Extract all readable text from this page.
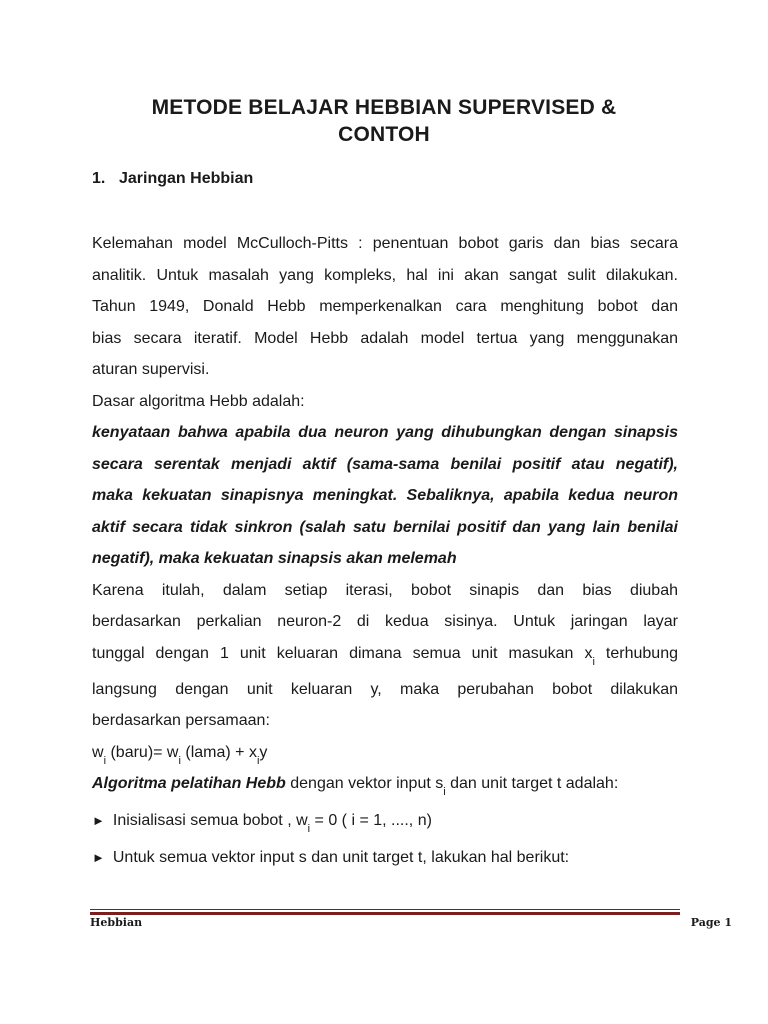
METODE BELAJAR HEBBIAN SUPERVISED &
CONTOH
1. Jaringan Hebbian
Kelemahan model McCulloch-Pitts : penentuan bobot garis dan bias secara
analitik. Untuk masalah yang kompleks, hal ini akan sangat sulit dilakukan.
Tahun 1949, Donald Hebb memperkenalkan cara menghitung bobot dan
bias secara iteratif. Model Hebb adalah model tertua yang menggunakan
aturan supervisi.
Dasar algoritma Hebb adalah:
kenyataan bahwa apabila dua neuron yang dihubungkan dengan sinapsis
secara serentak menjadi aktif (sama-sama benilai positif atau negatif),
maka kekuatan sinapisnya meningkat. Sebaliknya, apabila kedua neuron
aktif secara tidak sinkron (salah satu bernilai positif dan yang lain benilai
negatif), maka kekuatan sinapsis akan melemah
Karena itulah, dalam setiap iterasi, bobot sinapis dan bias diubah
berdasarkan perkalian neuron-2 di kedua sisinya. Untuk jaringan layar
tunggal dengan 1 unit keluaran dimana semua unit masukan $x_i$ terhubung
langsung dengan unit keluaran y, maka perubahan bobot dilakukan
berdasarkan persamaan:
$w_i$ (baru)= $w_i$ (lama) + $x_iy$
Algoritma pelatihan Hebb dengan vektor input $s_i$ dan unit target t adalah:
► Inisialisasi semua bobot , $w_i = 0$ ( i = 1, ...., n)
► Untuk semua vektor input s dan unit target t, lakukan hal berikut:
Hebbian	Page 1
